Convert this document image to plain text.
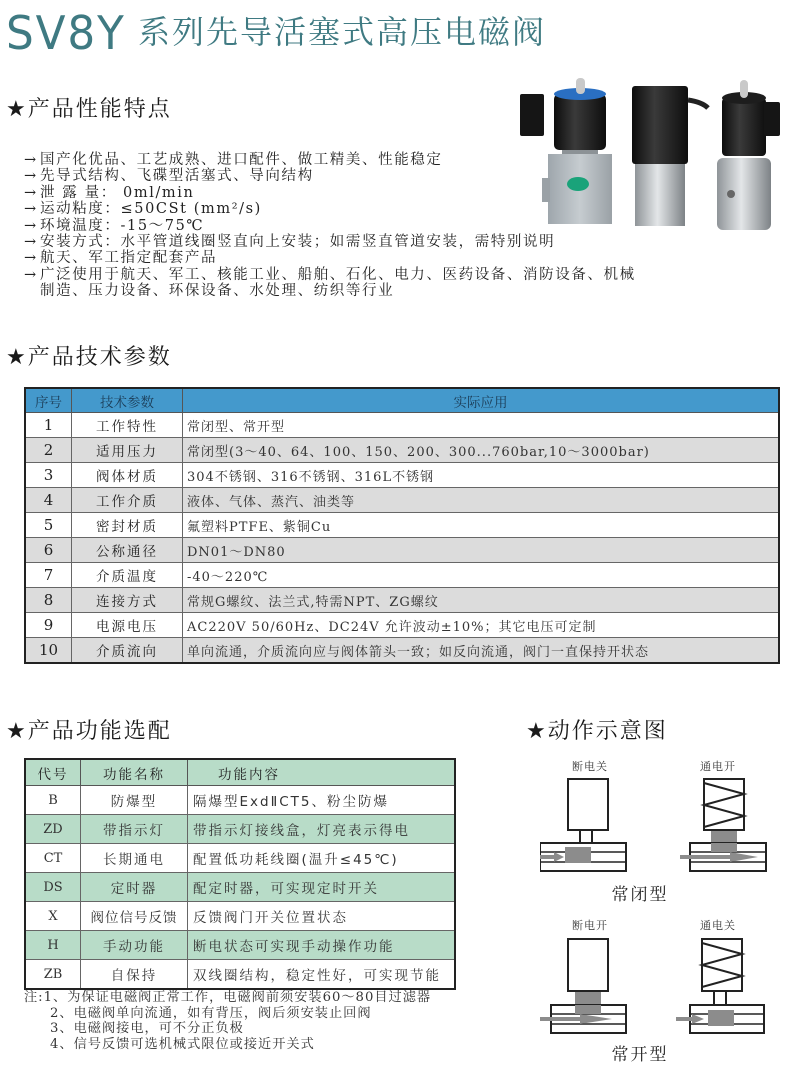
SV8Y 系列先导活塞式高压电磁阀
★产品性能特点
→ 国产化优品、工艺成熟、进口配件、做工精美、性能稳定
→ 先导式结构、飞碟型活塞式、导向结构
→ 泄 露 量： 0ml/min
→ 运动粘度：≤50CSt (mm²/s)
→ 环境温度：-15～75℃
→ 安装方式：水平管道线圈竖直向上安装；如需竖直管道安装，需特别说明
→ 航天、军工指定配套产品
→ 广泛使用于航天、军工、核能工业、船舶、石化、电力、医药设备、消防设备、机械
制造、压力设备、环保设备、水处理、纺织等行业
★产品技术参数
序号	技术参数	实际应用
1	工作特性	常闭型、常开型
2	适用压力	常闭型(3～40、64、100、150、200、300...760bar,10～3000bar)
3	阀体材质	304不锈钢、316不锈钢、316L不锈钢
4	工作介质	液体、气体、蒸汽、油类等
5	密封材质	氟塑料PTFE、紫铜Cu
6	公称通径	DN01～DN80
7	介质温度	-40～220℃
8	连接方式	常规G螺纹、法兰式,特需NPT、ZG螺纹
9	电源电压	AC220V 50/60Hz、DC24V 允许波动±10%；其它电压可定制
10	介质流向	单向流通，介质流向应与阀体箭头一致；如反向流通，阀门一直保持开状态
★产品功能选配
代号	功能名称	功能内容
B	防爆型	隔爆型ExdⅡCT5、粉尘防爆
ZD	带指示灯	带指示灯接线盒，灯亮表示得电
CT	长期通电	配置低功耗线圈(温升≤45℃)
DS	定时器	配定时器，可实现定时开关
X	阀位信号反馈	反馈阀门开关位置状态
H	手动功能	断电状态可实现手动操作功能
ZB	自保持	双线圈结构，稳定性好，可实现节能
注:1、为保证电磁阀正常工作，电磁阀前须安装60～80目过滤器
2、电磁阀单向流通，如有背压，阀后须安装止回阀
3、电磁阀接电，可不分正负极
4、信号反馈可选机械式限位或接近开关式
★动作示意图
断电关	通电开
常闭型
断电开	通电关
常开型
